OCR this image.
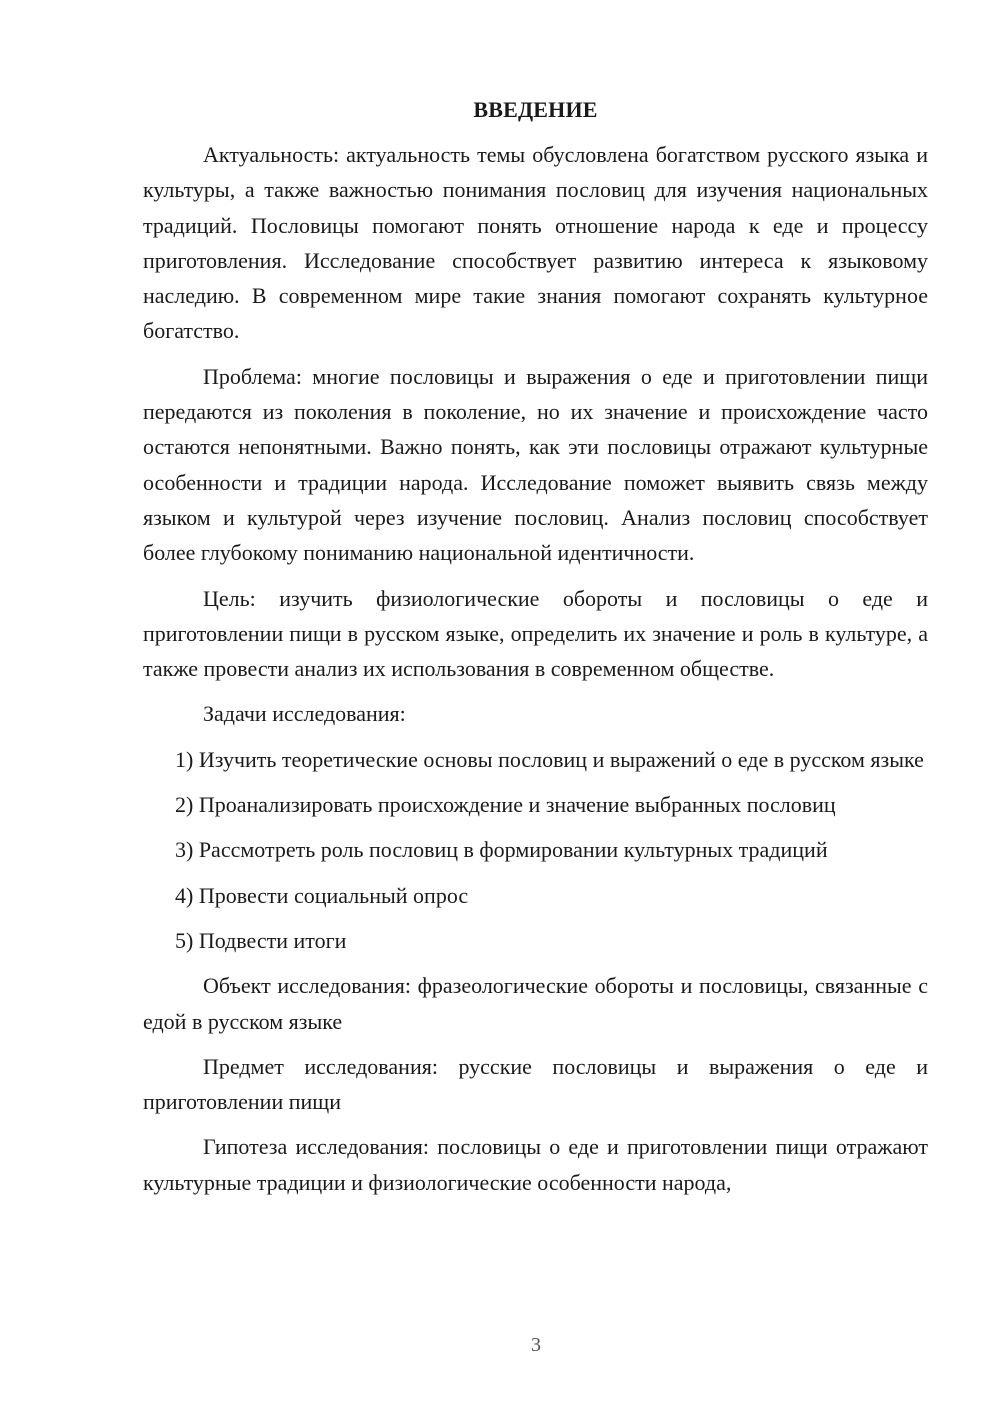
ВВЕДЕНИЕ

Актуальность: актуальность темы обусловлена богатством русского языка и культуры, а также важностью понимания пословиц для изучения национальных традиций. Пословицы помогают понять отношение народа к еде и процессу приготовления. Исследование способствует развитию интереса к языковому наследию. В современном мире такие знания помогают сохранять культурное богатство.

Проблема: многие пословицы и выражения о еде и приготовлении пищи передаются из поколения в поколение, но их значение и происхождение часто остаются непонятными. Важно понять, как эти пословицы отражают культурные особенности и традиции народа. Исследование поможет выявить связь между языком и культурой через изучение пословиц. Анализ пословиц способствует более глубокому пониманию национальной идентичности.

Цель: изучить физиологические обороты и пословицы о еде и приготовлении пищи в русском языке, определить их значение и роль в культуре, а также провести анализ их использования в современном обществе.

Задачи исследования:

1) Изучить теоретические основы пословиц и выражений о еде в русском языке

2) Проанализировать происхождение и значение выбранных пословиц

3) Рассмотреть роль пословиц в формировании культурных традиций

4) Провести социальный опрос

5) Подвести итоги

Объект исследования: фразеологические обороты и пословицы, связанные с едой в русском языке

Предмет исследования: русские пословицы и выражения о еде и приготовлении пищи

Гипотеза исследования: пословицы о еде и приготовлении пищи отражают культурные традиции и физиологические особенности народа,

3
